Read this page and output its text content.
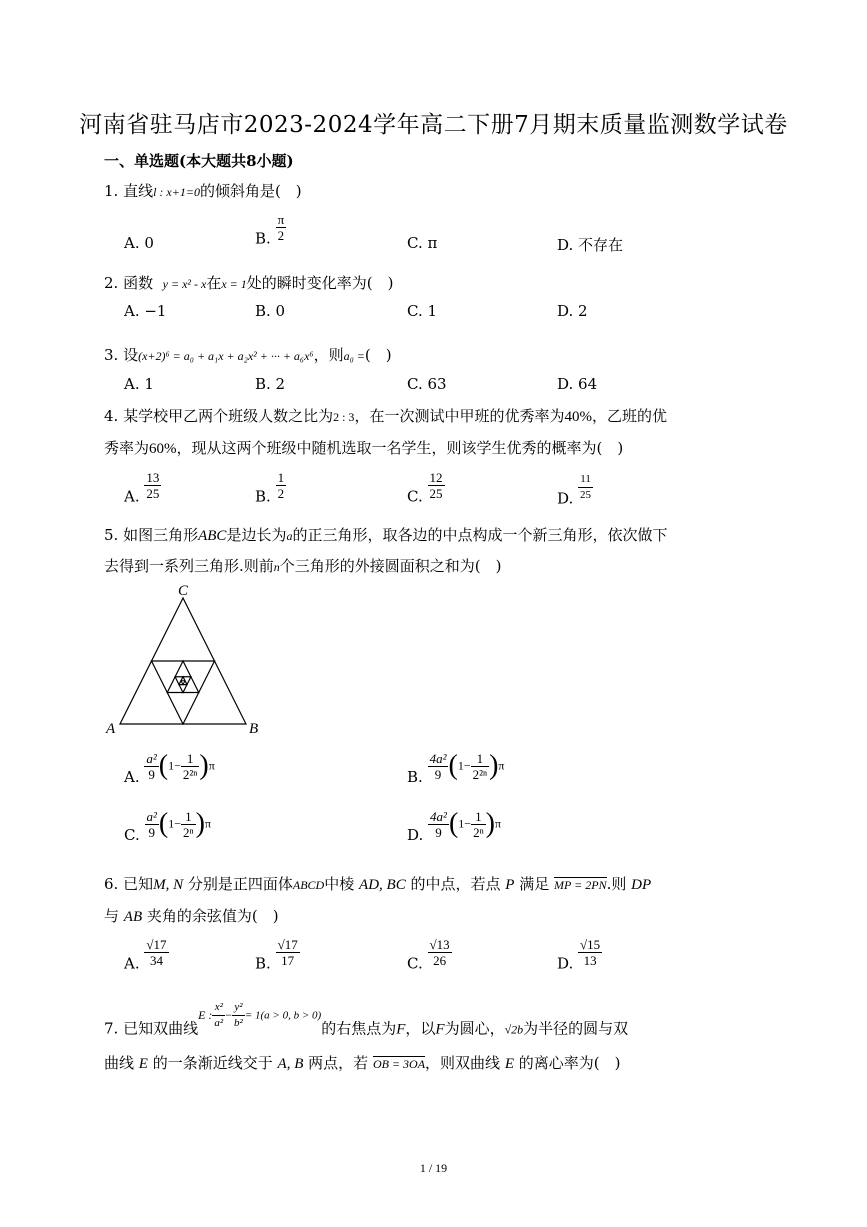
河南省驻马店市2023-2024学年高二下册7月期末质量监测数学试卷
一、单选题(本大题共8小题)
1. 直线l : x+1=0的倾斜角是(　)
A. 0	B. $\frac{\pi}{2}$	C. π	D. 不存在
2. 函数 y = x² - x在x = 1处的瞬时变化率为(　)
A. −1	B. 0	C. 1	D. 2
3. 设(x+2)⁶ = a₀ + a₁x + a₂x² + ··· + a₆x⁶，则a₀ =(　)
A. 1	B. 2	C. 63	D. 64
4. 某学校甲乙两个班级人数之比为2 : 3，在一次测试中甲班的优秀率为40%，乙班的优
秀率为60%，现从这两个班级中随机选取一名学生，则该学生优秀的概率为(　)
A. $\frac{13}{25}$	B. $\frac{1}{2}$	C. $\frac{12}{25}$	D. $\frac{11}{25}$
5. 如图三角形ABC是边长为a的正三角形，取各边的中点构成一个新三角形，依次做下
去得到一系列三角形.则前n个三角形的外接圆面积之和为(　)
C
A	B
A. $\frac{\text{a²}}{9} (1- \frac{1}{\text{2²ⁿ}} )\pi$
B. $\frac{\text{4a²}}{9} (1- \frac{1}{\text{2²ⁿ}} )\pi$
C. $\frac{\text{a²}}{9} (1- \frac{1}{\text{2ⁿ}} )\pi$
D. $\frac{\text{4a²}}{9} (1- \frac{1}{\text{2ⁿ}} )\pi$
6. 已知M, N 分别是正四面体ABCD中棱 AD, BC 的中点，若点 P 满足 MP = 2PN.则 DP
与 AB 夹角的余弦值为(　)
A. $\frac{√17}{34}$	B. $\frac{√17}{17}$	C. $\frac{√13}{26}$	D. $\frac{√15}{13}$
7. 已知双曲线E : $\frac{\text{x²}}{\text{a²}} - \frac{\text{y²}}{\text{b²}} = 1(a > 0$, b > 0)的右焦点为F，以F为圆心，$_{√2b}$为半径的圆与双
曲线 E 的一条渐近线交于 A, B 两点，若 OB = 3OA，则双曲线 E 的离心率为(　)
1 / 19
